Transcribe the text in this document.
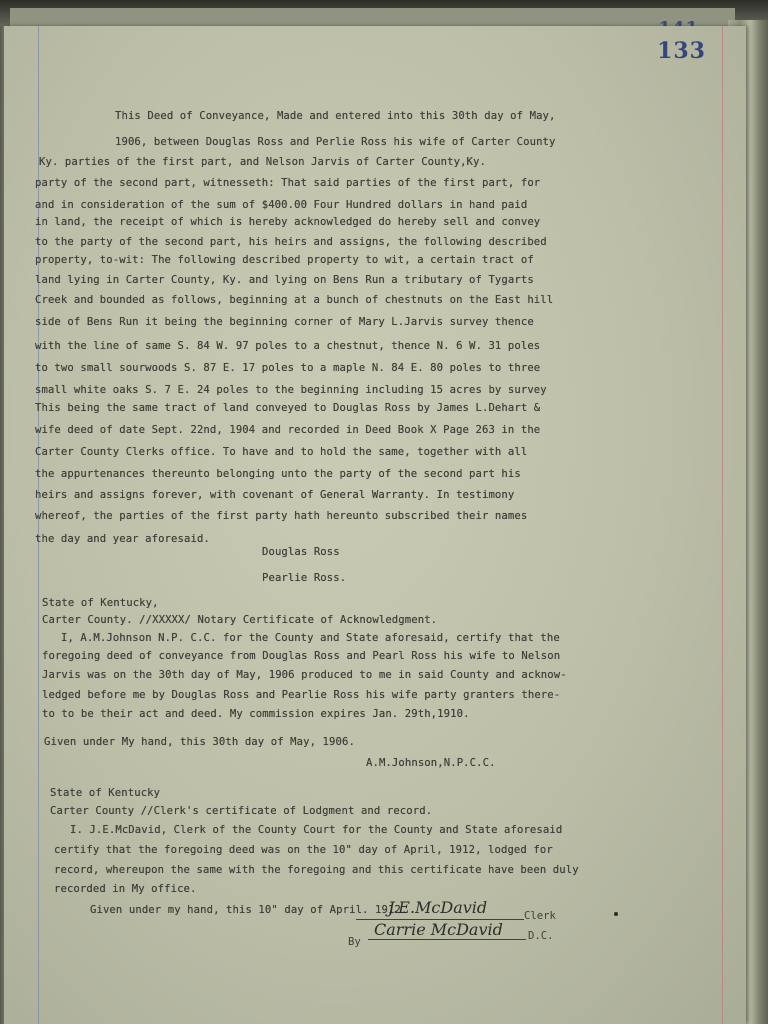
133
This Deed of Conveyance, Made and entered into this 30th day of May,
1906, between Douglas Ross and Perlie Ross his wife of Carter County
Ky. parties of the first part, and Nelson Jarvis of Carter County,Ky.
party of the second part, witnesseth: That said parties of the first part, for
and in consideration of the sum of $400.00 Four Hundred dollars in hand paid
in land, the receipt of which is hereby acknowledged do hereby sell and convey
to the party of the second part, his heirs and assigns, the following described
property, to-wit: The following described property to wit, a certain tract of
land lying in Carter County, Ky. and lying on Bens Run a tributary of Tygarts
Creek and bounded as follows, beginning at a bunch of chestnuts on the East hill
side of Bens Run it being the beginning corner of Mary L.Jarvis survey thence
with the line of same S. 84 W. 97 poles to a chestnut, thence N. 6 W. 31 poles
to two small sourwoods S. 87 E. 17 poles to a maple N. 84 E. 80 poles to three
small white oaks S. 7 E. 24 poles to the beginning including 15 acres by survey
This being the same tract of land conveyed to Douglas Ross by James L.Dehart &
wife deed of date Sept. 22nd, 1904 and recorded in Deed Book X Page 263 in the
Carter County Clerks office. To have and to hold the same, together with all
the appurtenances thereunto belonging unto the party of the second part his
heirs and assigns forever, with covenant of General Warranty. In testimony
whereof, the parties of the first party hath hereunto subscribed their names
the day and year aforesaid.
Douglas Ross
Pearlie Ross.
State of Kentucky,
Carter County. //XXXXX/ Notary Certificate of Acknowledgment.
I, A.M.Johnson N.P. C.C. for the County and State aforesaid, certify that the
foregoing deed of conveyance from Douglas Ross and Pearl Ross his wife to Nelson
Jarvis was on the 30th day of May, 1906 produced to me in said County and acknow-
ledged before me by Douglas Ross and Pearlie Ross his wife party granters there-
to to be their act and deed. My commission expires Jan. 29th,1910.
Given under My hand, this 30th day of May, 1906.
A.M.Johnson,N.P.C.C.
State of Kentucky
Carter County //Clerk's certificate of Lodgment and record.
I. J.E.McDavid, Clerk of the County Court for the County and State aforesaid
certify that the foregoing deed was on the 10" day of April, 1912, lodged for
record, whereupon the same with the foregoing and this certificate have been duly
recorded in My office.
Given under my hand, this 10" day of April. 1912.
J.E.McDavid	Clerk
By
Carrie McDavid D.C.
